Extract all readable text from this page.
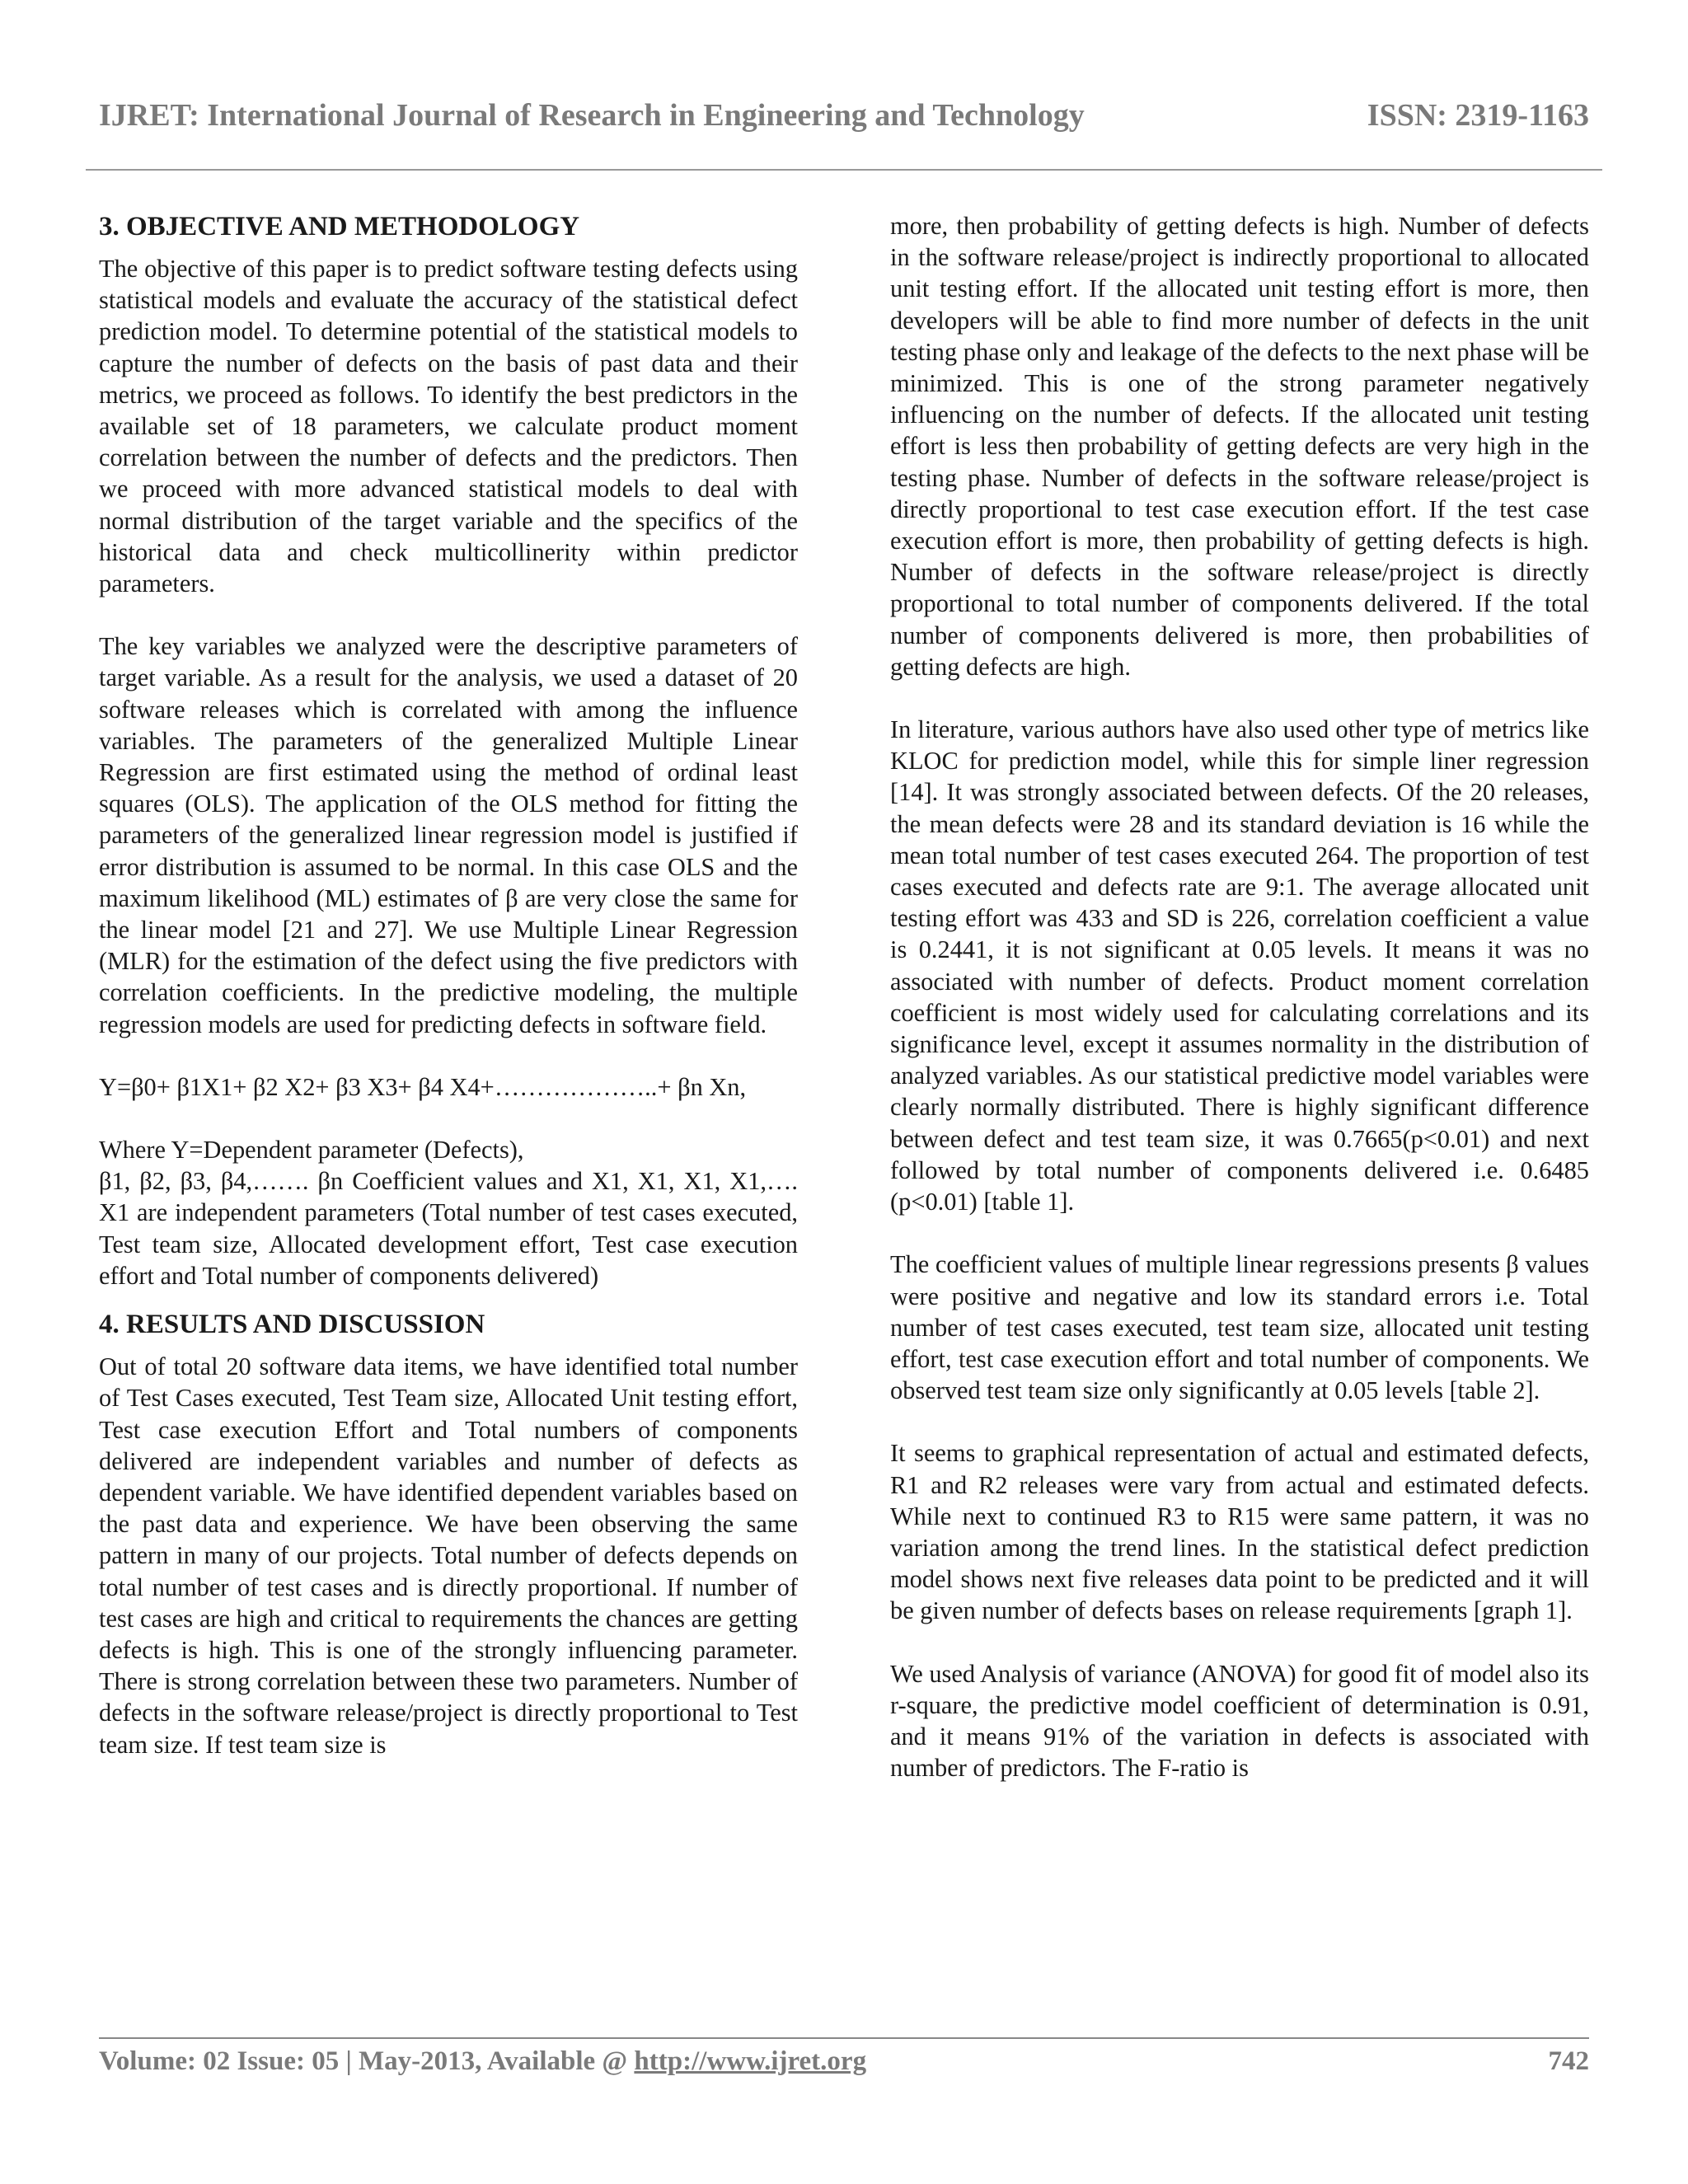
IJRET: International Journal of Research in Engineering and Technology	ISSN: 2319-1163
3. OBJECTIVE AND METHODOLOGY

The objective of this paper is to predict software testing defects using statistical models and evaluate the accuracy of the statistical defect prediction model. To determine potential of the statistical models to capture the number of defects on the basis of past data and their metrics, we proceed as follows. To identify the best predictors in the available set of 18 parameters, we calculate product moment correlation between the number of defects and the predictors. Then we proceed with more advanced statistical models to deal with normal distribution of the target variable and the specifics of the historical data and check multicollinerity within predictor parameters.

The key variables we analyzed were the descriptive parameters of target variable. As a result for the analysis, we used a dataset of 20 software releases which is correlated with among the influence variables. The parameters of the generalized Multiple Linear Regression are first estimated using the method of ordinal least squares (OLS). The application of the OLS method for fitting the parameters of the generalized linear regression model is justified if error distribution is assumed to be normal. In this case OLS and the maximum likelihood (ML) estimates of β are very close the same for the linear model [21 and 27]. We use Multiple Linear Regression (MLR) for the estimation of the defect using the five predictors with correlation coefficients. In the predictive modeling, the multiple regression models are used for predicting defects in software field.

Y=β0+ β1X1+ β2 X2+ β3 X3+ β4 X4+………………..+ βn Xn,

Where Y=Dependent parameter (Defects),

β1, β2, β3, β4,……. βn Coefficient values and X1, X1, X1, X1,…. X1 are independent parameters (Total number of test cases executed, Test team size, Allocated development effort, Test case execution effort and Total number of components delivered)

4. RESULTS AND DISCUSSION

Out of total 20 software data items, we have identified total number of Test Cases executed, Test Team size, Allocated Unit testing effort, Test case execution Effort and Total numbers of components delivered are independent variables and number of defects as dependent variable. We have identified dependent variables based on the past data and experience. We have been observing the same pattern in many of our projects. Total number of defects depends on total number of test cases and is directly proportional. If number of test cases are high and critical to requirements the chances are getting defects is high. This is one of the strongly influencing parameter. There is strong correlation between these two parameters. Number of defects in the software release/project is directly proportional to Test team size. If test team size is

more, then probability of getting defects is high. Number of defects in the software release/project is indirectly proportional to allocated unit testing effort. If the allocated unit testing effort is more, then developers will be able to find more number of defects in the unit testing phase only and leakage of the defects to the next phase will be minimized. This is one of the strong parameter negatively influencing on the number of defects. If the allocated unit testing effort is less then probability of getting defects are very high in the testing phase. Number of defects in the software release/project is directly proportional to test case execution effort. If the test case execution effort is more, then probability of getting defects is high. Number of defects in the software release/project is directly proportional to total number of components delivered. If the total number of components delivered is more, then probabilities of getting defects are high.

In literature, various authors have also used other type of metrics like KLOC for prediction model, while this for simple liner regression [14]. It was strongly associated between defects. Of the 20 releases, the mean defects were 28 and its standard deviation is 16 while the mean total number of test cases executed 264. The proportion of test cases executed and defects rate are 9:1. The average allocated unit testing effort was 433 and SD is 226, correlation coefficient a value is 0.2441, it is not significant at 0.05 levels. It means it was no associated with number of defects. Product moment correlation coefficient is most widely used for calculating correlations and its significance level, except it assumes normality in the distribution of analyzed variables. As our statistical predictive model variables were clearly normally distributed. There is highly significant difference between defect and test team size, it was 0.7665(p<0.01) and next followed by total number of components delivered i.e. 0.6485 (p<0.01) [table 1].

The coefficient values of multiple linear regressions presents β values were positive and negative and low its standard errors i.e. Total number of test cases executed, test team size, allocated unit testing effort, test case execution effort and total number of components. We observed test team size only significantly at 0.05 levels [table 2].

It seems to graphical representation of actual and estimated defects, R1 and R2 releases were vary from actual and estimated defects. While next to continued R3 to R15 were same pattern, it was no variation among the trend lines. In the statistical defect prediction model shows next five releases data point to be predicted and it will be given number of defects bases on release requirements [graph 1].

We used Analysis of variance (ANOVA) for good fit of model also its r-square, the predictive model coefficient of determination is 0.91, and it means 91% of the variation in defects is associated with number of predictors. The F-ratio is

Volume: 02 Issue: 05 | May-2013, Available @ http://www.ijret.org	742
